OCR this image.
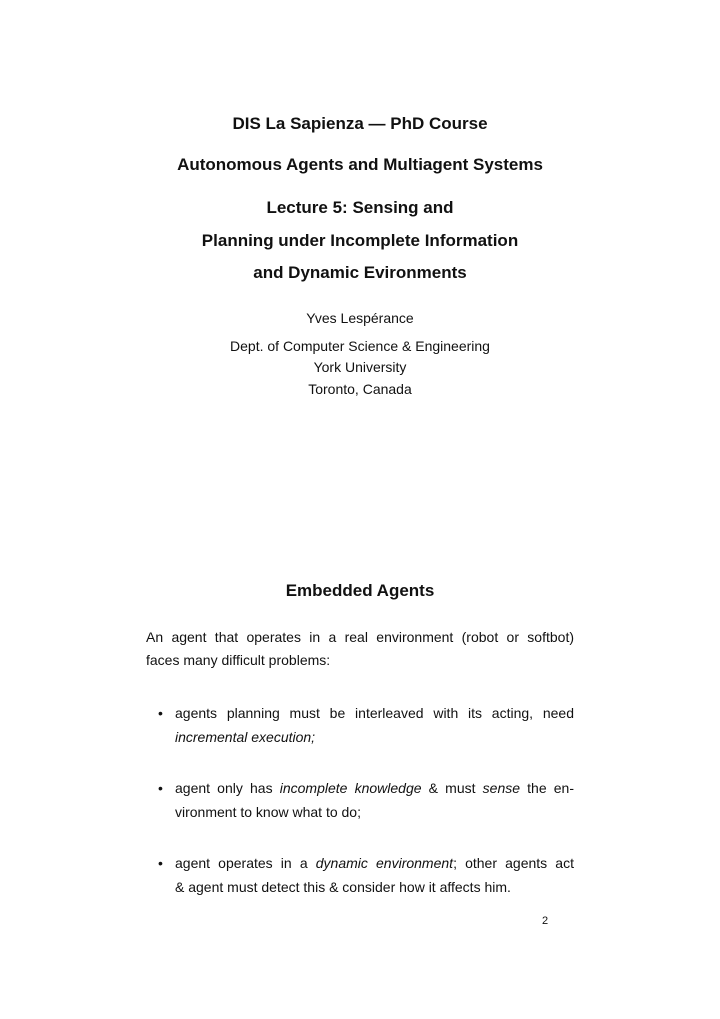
DIS La Sapienza — PhD Course
Autonomous Agents and Multiagent Systems
Lecture 5: Sensing and
Planning under Incomplete Information
and Dynamic Evironments
Yves Lespérance
Dept. of Computer Science & Engineering
York University
Toronto, Canada
Embedded Agents
An agent that operates in a real environment (robot or softbot)
faces many difficult problems:
• agents planning must be interleaved with its acting, need
incremental execution;
• agent only has incomplete knowledge & must sense the en-
vironment to know what to do;
• agent operates in a dynamic environment; other agents act
& agent must detect this & consider how it affects him.
2
